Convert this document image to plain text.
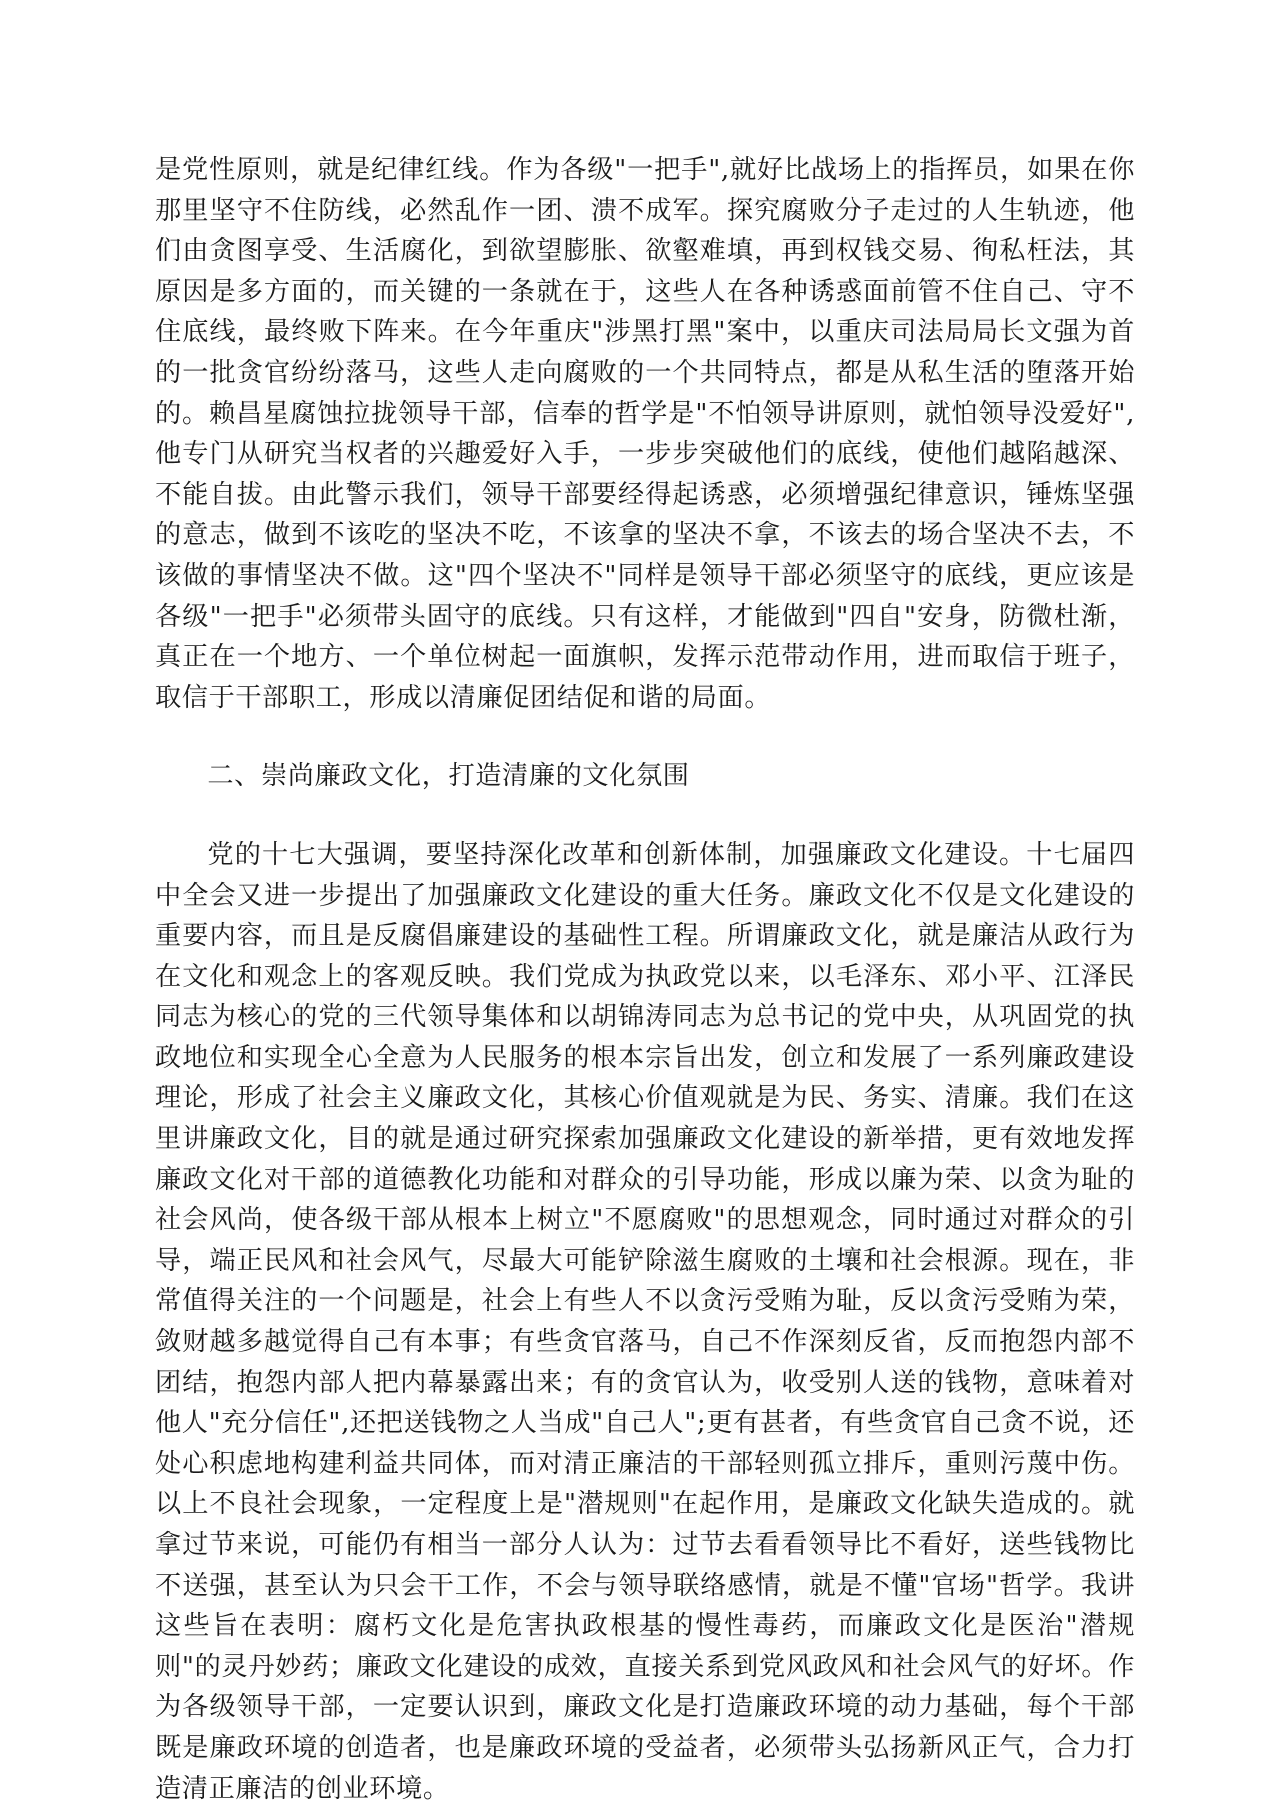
是党性原则，就是纪律红线。作为各级"一把手",就好比战场上的指挥员，如果在你那里坚守不住防线，必然乱作一团、溃不成军。探究腐败分子走过的人生轨迹，他们由贪图享受、生活腐化，到欲望膨胀、欲壑难填，再到权钱交易、徇私枉法，其原因是多方面的，而关键的一条就在于，这些人在各种诱惑面前管不住自己、守不住底线，最终败下阵来。在今年重庆"涉黑打黑"案中，以重庆司法局局长文强为首的一批贪官纷纷落马，这些人走向腐败的一个共同特点，都是从私生活的堕落开始的。赖昌星腐蚀拉拢领导干部，信奉的哲学是"不怕领导讲原则，就怕领导没爱好",他专门从研究当权者的兴趣爱好入手，一步步突破他们的底线，使他们越陷越深、不能自拔。由此警示我们，领导干部要经得起诱惑，必须增强纪律意识，锤炼坚强的意志，做到不该吃的坚决不吃，不该拿的坚决不拿，不该去的场合坚决不去，不该做的事情坚决不做。这"四个坚决不"同样是领导干部必须坚守的底线，更应该是各级"一把手"必须带头固守的底线。只有这样，才能做到"四自"安身，防微杜渐，真正在一个地方、一个单位树起一面旗帜，发挥示范带动作用，进而取信于班子，取信于干部职工，形成以清廉促团结促和谐的局面。

二、崇尚廉政文化，打造清廉的文化氛围

党的十七大强调，要坚持深化改革和创新体制，加强廉政文化建设。十七届四中全会又进一步提出了加强廉政文化建设的重大任务。廉政文化不仅是文化建设的重要内容，而且是反腐倡廉建设的基础性工程。所谓廉政文化，就是廉洁从政行为在文化和观念上的客观反映。我们党成为执政党以来，以毛泽东、邓小平、江泽民同志为核心的党的三代领导集体和以胡锦涛同志为总书记的党中央，从巩固党的执政地位和实现全心全意为人民服务的根本宗旨出发，创立和发展了一系列廉政建设理论，形成了社会主义廉政文化，其核心价值观就是为民、务实、清廉。我们在这里讲廉政文化，目的就是通过研究探索加强廉政文化建设的新举措，更有效地发挥廉政文化对干部的道德教化功能和对群众的引导功能，形成以廉为荣、以贪为耻的社会风尚，使各级干部从根本上树立"不愿腐败"的思想观念，同时通过对群众的引导，端正民风和社会风气，尽最大可能铲除滋生腐败的土壤和社会根源。现在，非常值得关注的一个问题是，社会上有些人不以贪污受贿为耻，反以贪污受贿为荣，敛财越多越觉得自己有本事；有些贪官落马，自己不作深刻反省，反而抱怨内部不团结，抱怨内部人把内幕暴露出来；有的贪官认为，收受别人送的钱物，意味着对他人"充分信任",还把送钱物之人当成"自己人";更有甚者，有些贪官自己贪不说，还处心积虑地构建利益共同体，而对清正廉洁的干部轻则孤立排斥，重则污蔑中伤。以上不良社会现象，一定程度上是"潜规则"在起作用，是廉政文化缺失造成的。就拿过节来说，可能仍有相当一部分人认为：过节去看看领导比不看好，送些钱物比不送强，甚至认为只会干工作，不会与领导联络感情，就是不懂"官场"哲学。我讲这些旨在表明：腐朽文化是危害执政根基的慢性毒药，而廉政文化是医治"潜规则"的灵丹妙药；廉政文化建设的成效，直接关系到党风政风和社会风气的好坏。作为各级领导干部，一定要认识到，廉政文化是打造廉政环境的动力基础，每个干部既是廉政环境的创造者，也是廉政环境的受益者，必须带头弘扬新风正气，合力打造清正廉洁的创业环境。
